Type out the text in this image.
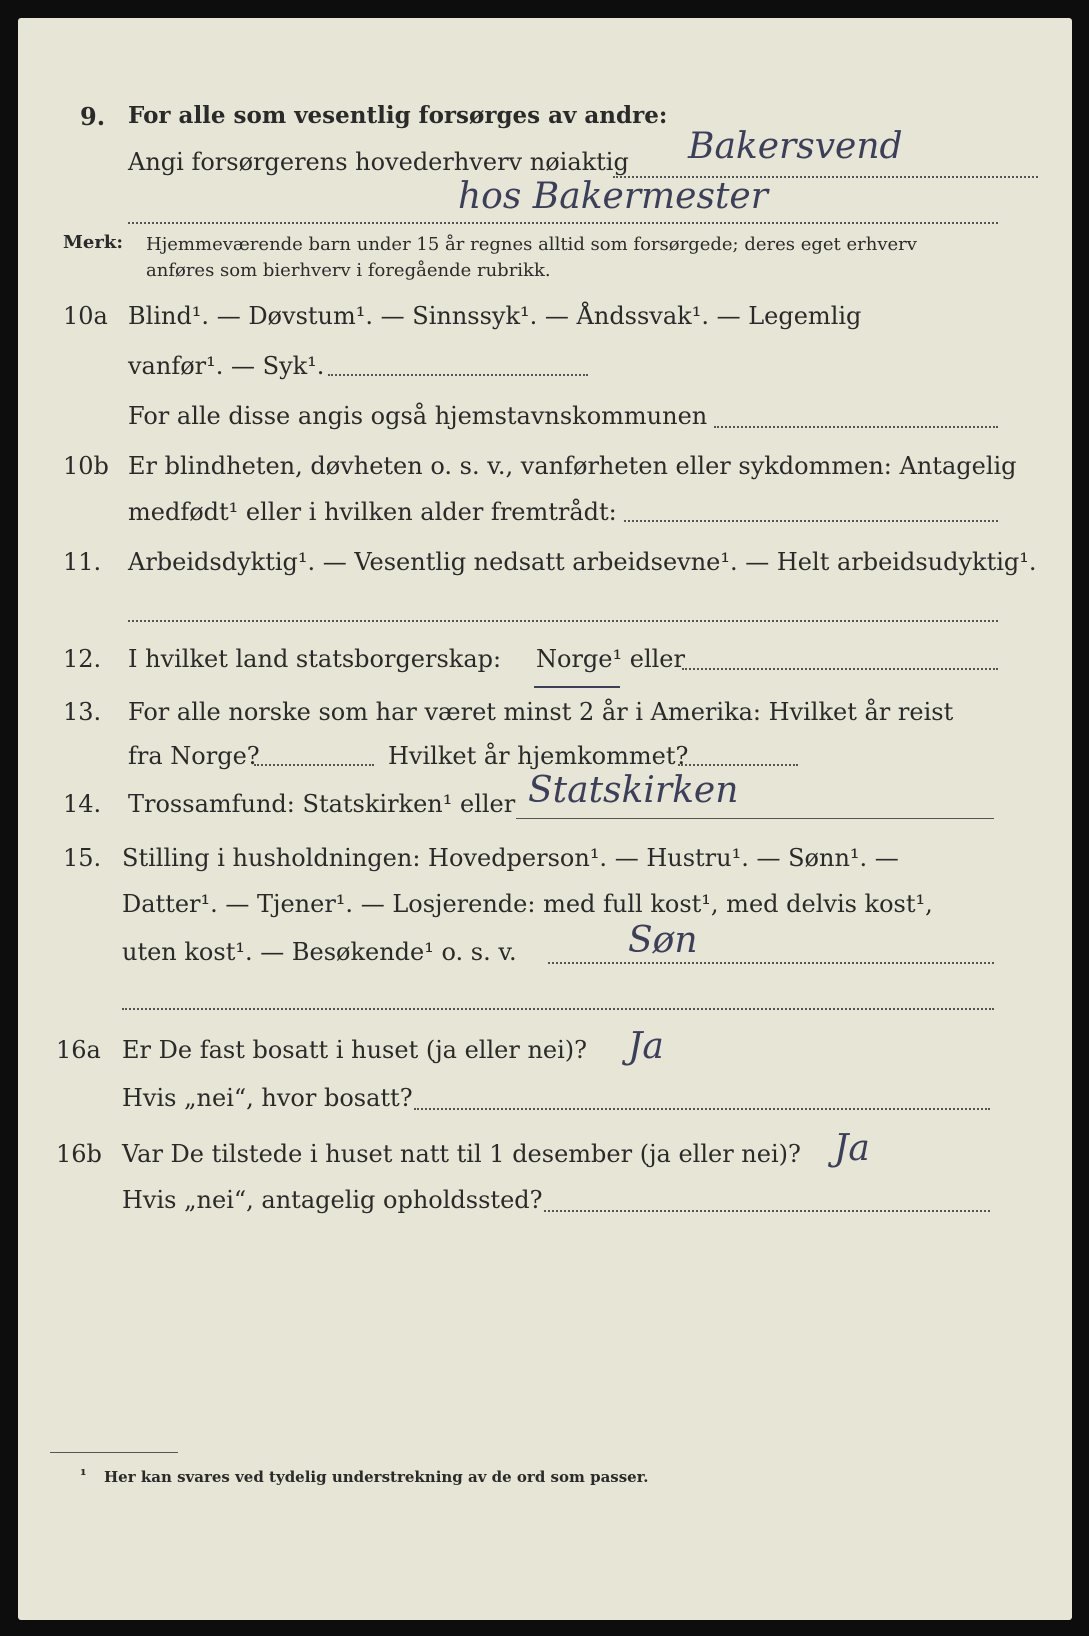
9. For alle som vesentlig forsørges av andre:
Angi forsørgerens hovederhverv nøiaktig Bakersvend
hos Bakermester
Merk: Hjemmeværende barn under 15 år regnes alltid som forsørgede; deres eget erhverv
anføres som bierhverv i foregående rubrikk.
10a Blind¹. — Døvstum¹. — Sinnssyk¹. — Åndssvak¹. — Legemlig
vanfør¹. — Syk¹.
For alle disse angis også hjemstavnskommunen
10b Er blindheten, døvheten o. s. v., vanførheten eller sykdommen: Antagelig
medfødt¹ eller i hvilken alder fremtrådt:
11. Arbeidsdyktig¹. — Vesentlig nedsatt arbeidsevne¹. — Helt arbeidsudyktig¹.
12. I hvilket land statsborgerskap: Norge¹ eller
13. For alle norske som har været minst 2 år i Amerika: Hvilket år reist
fra Norge?	Hvilket år hjemkommet?
14. Trossamfund: Statskirken¹ eller Statskirken
15. Stilling i husholdningen: Hovedperson¹. — Hustru¹. — Sønn¹. —
Datter¹. — Tjener¹. — Losjerende: med full kost¹, med delvis kost¹,
uten kost¹. — Besøkende¹ o. s. v.	Søn
16a Er De fast bosatt i huset (ja eller nei)? Ja
Hvis „nei“, hvor bosatt?
16b Var De tilstede i huset natt til 1 desember (ja eller nei)? Ja
Hvis „nei“, antagelig opholdssted?
¹ Her kan svares ved tydelig understrekning av de ord som passer.
